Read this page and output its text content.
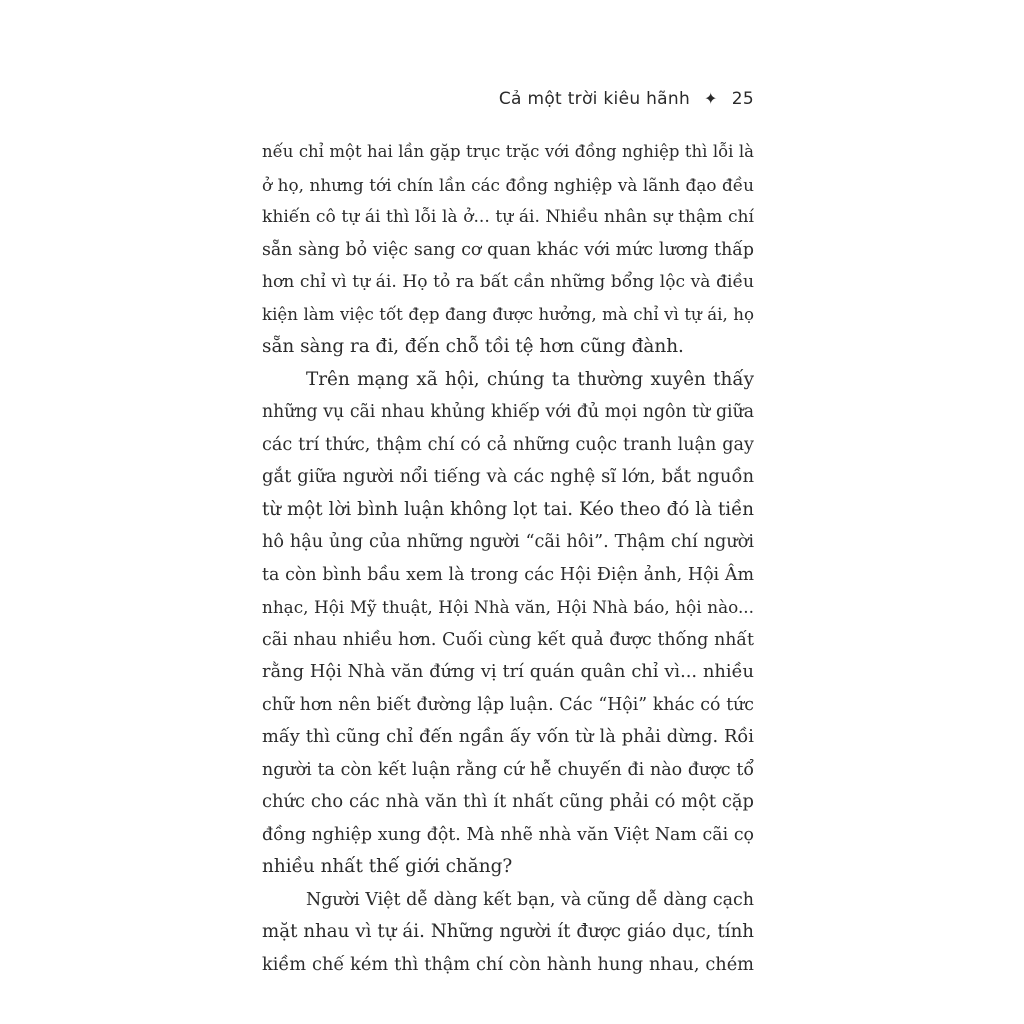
Cả một trời kiêu hãnh ✦ 25
nếu chỉ một hai lần gặp trục trặc với đồng nghiệp thì lỗi là
ở họ, nhưng tới chín lần các đồng nghiệp và lãnh đạo đều
khiến cô tự ái thì lỗi là ở... tự ái. Nhiều nhân sự thậm chí
sẵn sàng bỏ việc sang cơ quan khác với mức lương thấp
hơn chỉ vì tự ái. Họ tỏ ra bất cần những bổng lộc và điều
kiện làm việc tốt đẹp đang được hưởng, mà chỉ vì tự ái, họ
sẵn sàng ra đi, đến chỗ tồi tệ hơn cũng đành.
Trên mạng xã hội, chúng ta thường xuyên thấy
những vụ cãi nhau khủng khiếp với đủ mọi ngôn từ giữa
các trí thức, thậm chí có cả những cuộc tranh luận gay
gắt giữa người nổi tiếng và các nghệ sĩ lớn, bắt nguồn
từ một lời bình luận không lọt tai. Kéo theo đó là tiền
hô hậu ủng của những người “cãi hôi”. Thậm chí người
ta còn bình bầu xem là trong các Hội Điện ảnh, Hội Âm
nhạc, Hội Mỹ thuật, Hội Nhà văn, Hội Nhà báo, hội nào...
cãi nhau nhiều hơn. Cuối cùng kết quả được thống nhất
rằng Hội Nhà văn đứng vị trí quán quân chỉ vì... nhiều
chữ hơn nên biết đường lập luận. Các “Hội” khác có tức
mấy thì cũng chỉ đến ngần ấy vốn từ là phải dừng. Rồi
người ta còn kết luận rằng cứ hễ chuyến đi nào được tổ
chức cho các nhà văn thì ít nhất cũng phải có một cặp
đồng nghiệp xung đột. Mà nhẽ nhà văn Việt Nam cãi cọ
nhiều nhất thế giới chăng?
Người Việt dễ dàng kết bạn, và cũng dễ dàng cạch
mặt nhau vì tự ái. Những người ít được giáo dục, tính
kiềm chế kém thì thậm chí còn hành hung nhau, chém
